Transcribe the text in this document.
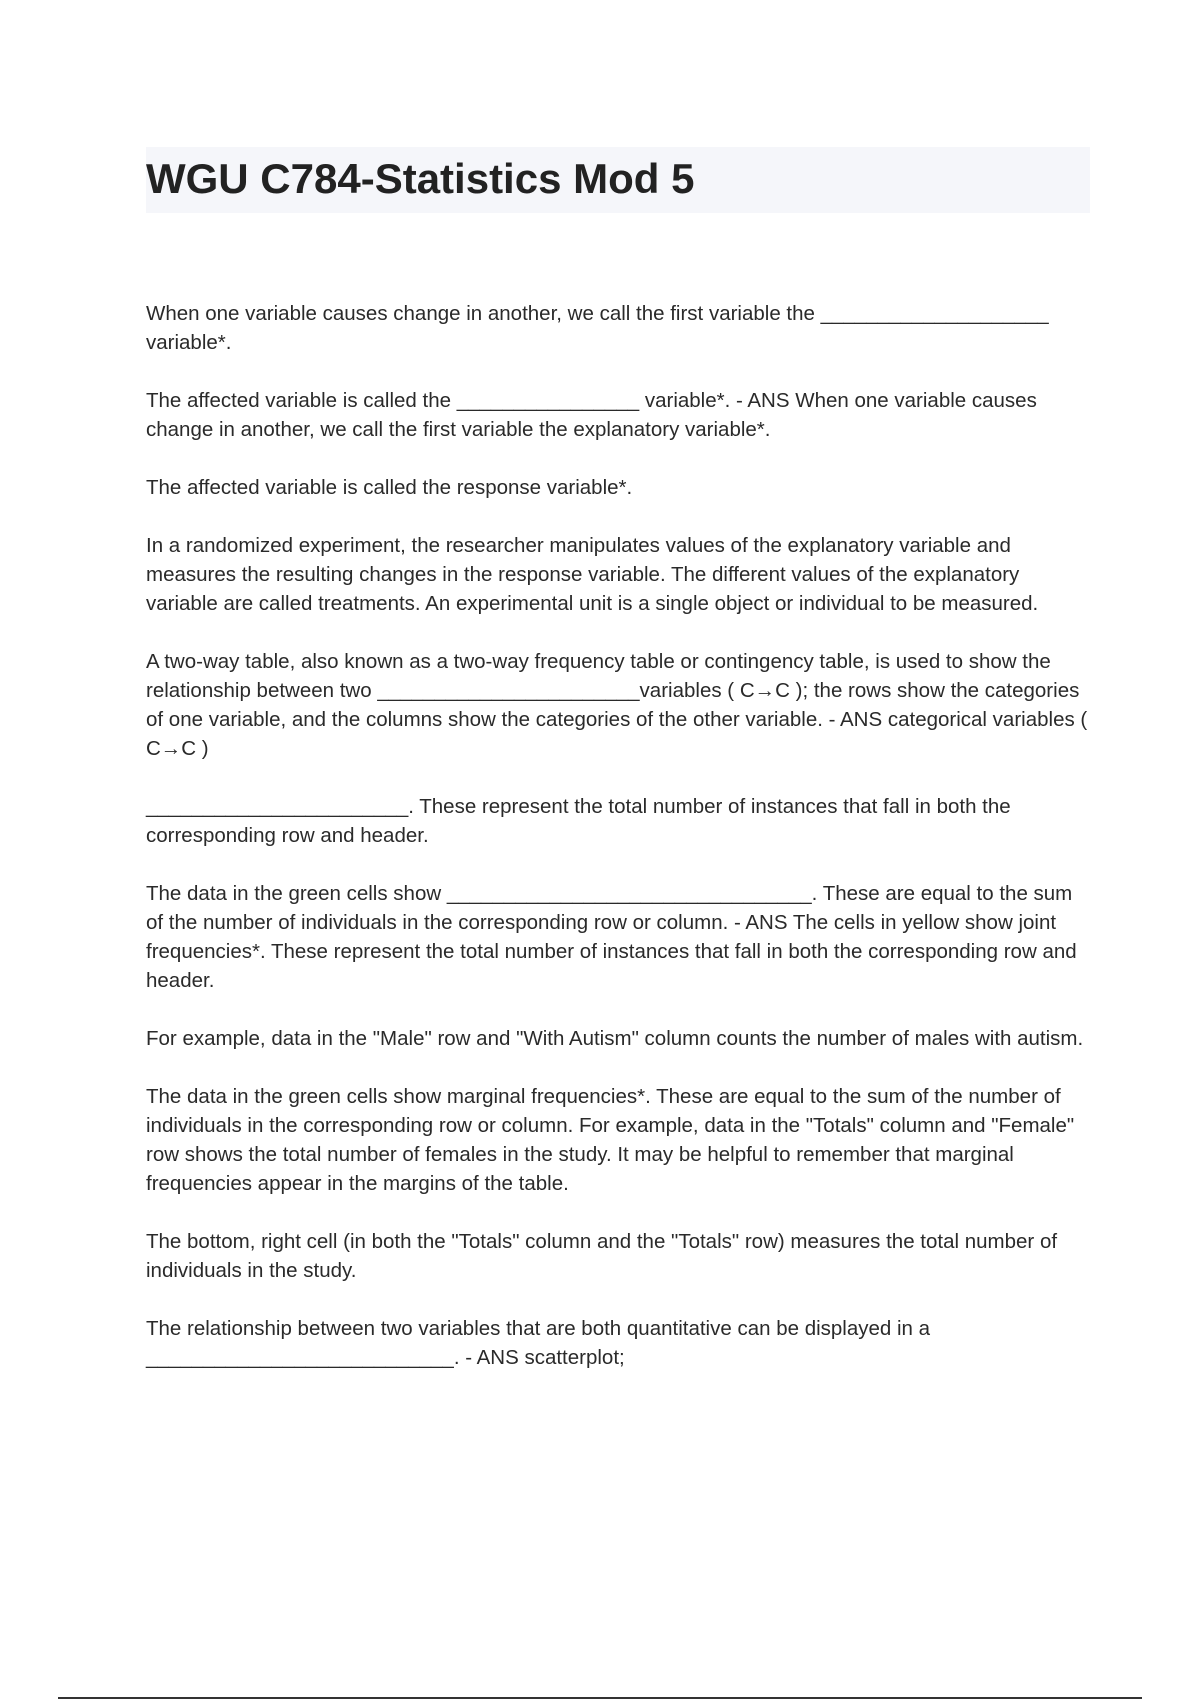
WGU C784-Statistics Mod 5

When one variable causes change in another, we call the first variable the ____________________ variable*.

The affected variable is called the ________________ variable*. - ANS When one variable causes change in another, we call the first variable the explanatory variable*.

The affected variable is called the response variable*.

In a randomized experiment, the researcher manipulates values of the explanatory variable and measures the resulting changes in the response variable. The different values of the explanatory variable are called treatments. An experimental unit is a single object or individual to be measured.

A two-way table, also known as a two-way frequency table or contingency table, is used to show the relationship between two _______________________variables ( C→C ); the rows show the categories of one variable, and the columns show the categories of the other variable. - ANS categorical variables ( C→C )

_______________________. These represent the total number of instances that fall in both the corresponding row and header.

The data in the green cells show ________________________________. These are equal to the sum of the number of individuals in the corresponding row or column. - ANS The cells in yellow show joint frequencies*. These represent the total number of instances that fall in both the corresponding row and header.

For example, data in the "Male" row and "With Autism" column counts the number of males with autism.

The data in the green cells show marginal frequencies*. These are equal to the sum of the number of individuals in the corresponding row or column. For example, data in the "Totals" column and "Female" row shows the total number of females in the study. It may be helpful to remember that marginal frequencies appear in the margins of the table.

The bottom, right cell (in both the "Totals" column and the "Totals" row) measures the total number of individuals in the study.

The relationship between two variables that are both quantitative can be displayed in a ___________________________. - ANS scatterplot;
